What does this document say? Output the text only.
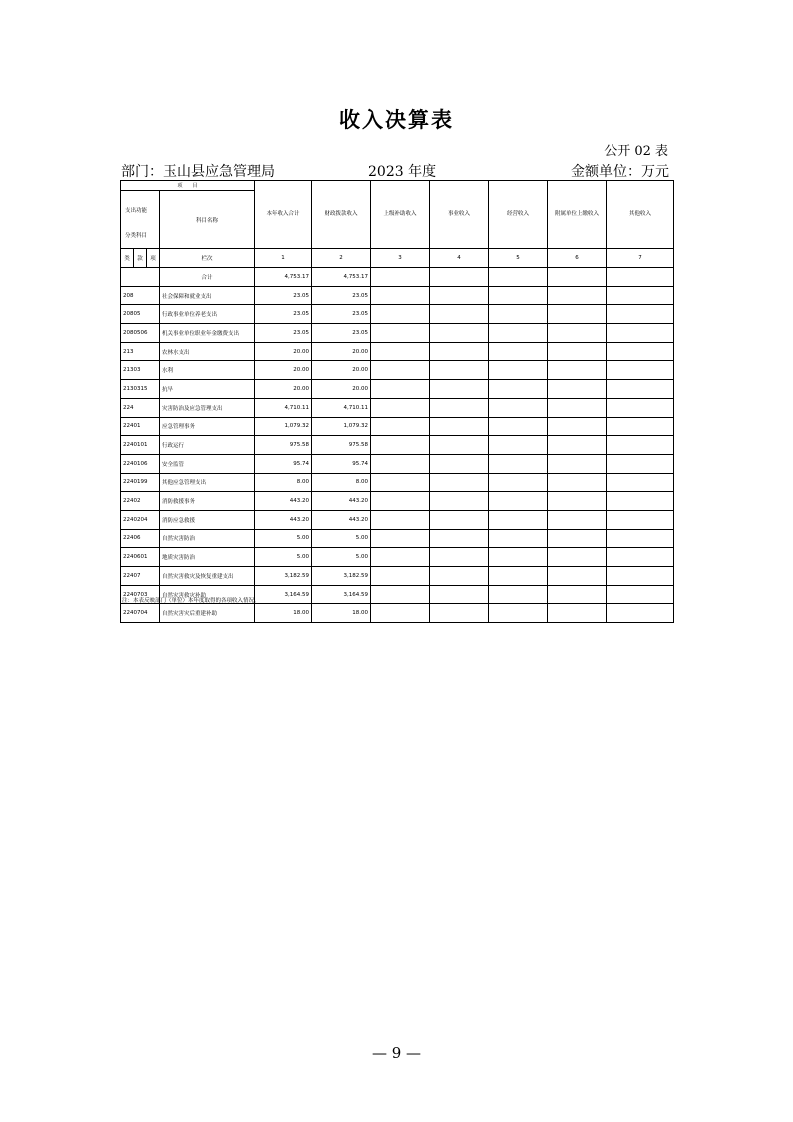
收入决算表
公开 02 表
部门：玉山县应急管理局	2023 年度	金额单位：万元
项　　目				本年收入合计	财政拨款收入	上级补助收入	事业收入	经营收入	附属单位上缴收入	其他收入

支出功能
分类科目			科目名称							
类	款	项	栏次	1	2	3	4	5	6	7
			合计	4,753.17	4,753.17					
208			社会保障和就业支出	23.05	23.05					
20805			行政事业单位养老支出	23.05	23.05					
2080506			机关事业单位职业年金缴费支出	23.05	23.05					
213			农林水支出	20.00	20.00					
21303			水利	20.00	20.00					
2130315			抗旱	20.00	20.00					
224			灾害防治及应急管理支出	4,710.11	4,710.11					
22401			应急管理事务	1,079.32	1,079.32					
2240101			行政运行	975.58	975.58					
2240106			安全监管	95.74	95.74					
2240199			其他应急管理支出	8.00	8.00					
22402			消防救援事务	443.20	443.20					
2240204			消防应急救援	443.20	443.20					
22406			自然灾害防治	5.00	5.00					
2240601			地质灾害防治	5.00	5.00					
22407			自然灾害救灾及恢复重建支出	3,182.59	3,182.59					
2240703			自然灾害救灾补助	3,164.59	3,164.59					
2240704			自然灾害灾后重建补助	18.00	18.00					
注：本表反映部门（单位）本年度取得的各项收入情况。
— 9 —
